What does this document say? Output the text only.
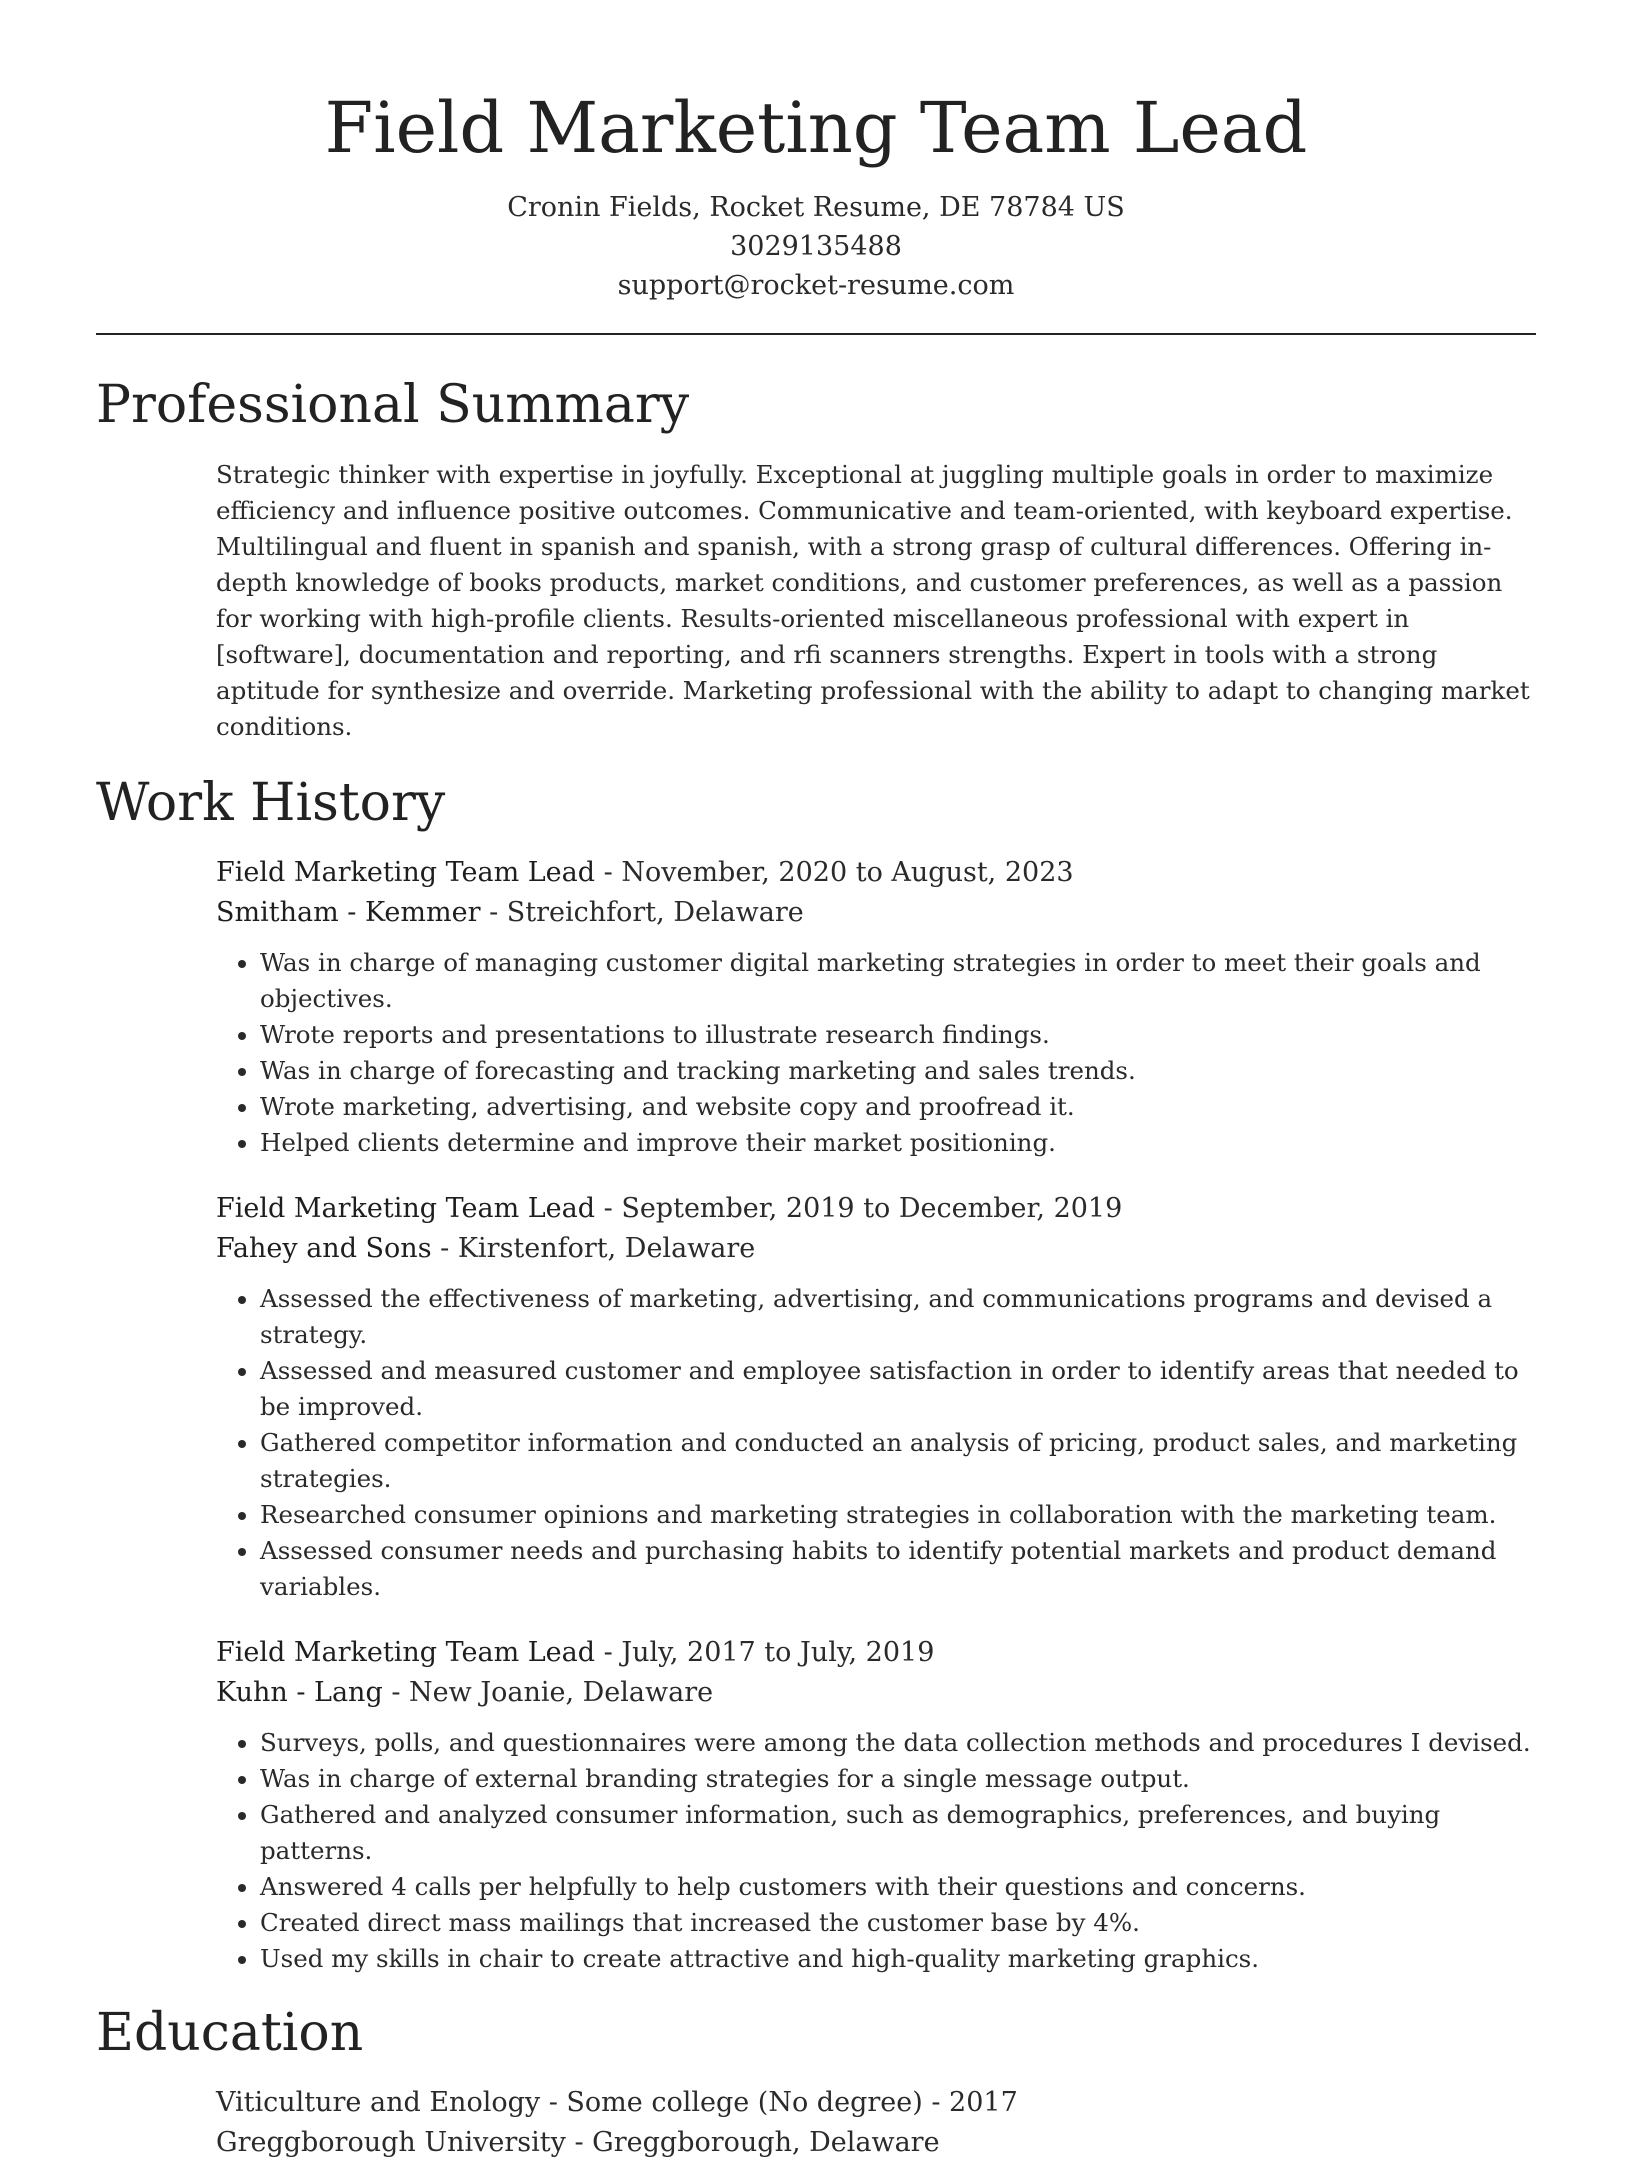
Field Marketing Team Lead

Cronin Fields, Rocket Resume, DE 78784 US

3029135488

support@rocket-resume.com

Professional Summary

Strategic thinker with expertise in joyfully. Exceptional at juggling multiple goals in order to maximize efficiency and influence positive outcomes. Communicative and team-oriented, with keyboard expertise. Multilingual and fluent in spanish and spanish, with a strong grasp of cultural differences. Offering in-depth knowledge of books products, market conditions, and customer preferences, as well as a passion for working with high-profile clients. Results-oriented miscellaneous professional with expert in [software], documentation and reporting, and rfi scanners strengths. Expert in tools with a strong aptitude for synthesize and override. Marketing professional with the ability to adapt to changing market conditions.

Work History

Field Marketing Team Lead - November, 2020 to August, 2023

Smitham - Kemmer - Streichfort, Delaware

• Was in charge of managing customer digital marketing strategies in order to meet their goals and objectives.
• Wrote reports and presentations to illustrate research findings.
• Was in charge of forecasting and tracking marketing and sales trends.
• Wrote marketing, advertising, and website copy and proofread it.
• Helped clients determine and improve their market positioning.

Field Marketing Team Lead - September, 2019 to December, 2019

Fahey and Sons - Kirstenfort, Delaware

• Assessed the effectiveness of marketing, advertising, and communications programs and devised a strategy.
• Assessed and measured customer and employee satisfaction in order to identify areas that needed to be improved.
• Gathered competitor information and conducted an analysis of pricing, product sales, and marketing strategies.
• Researched consumer opinions and marketing strategies in collaboration with the marketing team.
• Assessed consumer needs and purchasing habits to identify potential markets and product demand variables.

Field Marketing Team Lead - July, 2017 to July, 2019

Kuhn - Lang - New Joanie, Delaware

• Surveys, polls, and questionnaires were among the data collection methods and procedures I devised.
• Was in charge of external branding strategies for a single message output.
• Gathered and analyzed consumer information, such as demographics, preferences, and buying patterns.
• Answered 4 calls per helpfully to help customers with their questions and concerns.
• Created direct mass mailings that increased the customer base by 4%.
• Used my skills in chair to create attractive and high-quality marketing graphics.
Education

Viticulture and Enology - Some college (No degree) - 2017

Greggborough University - Greggborough, Delaware
